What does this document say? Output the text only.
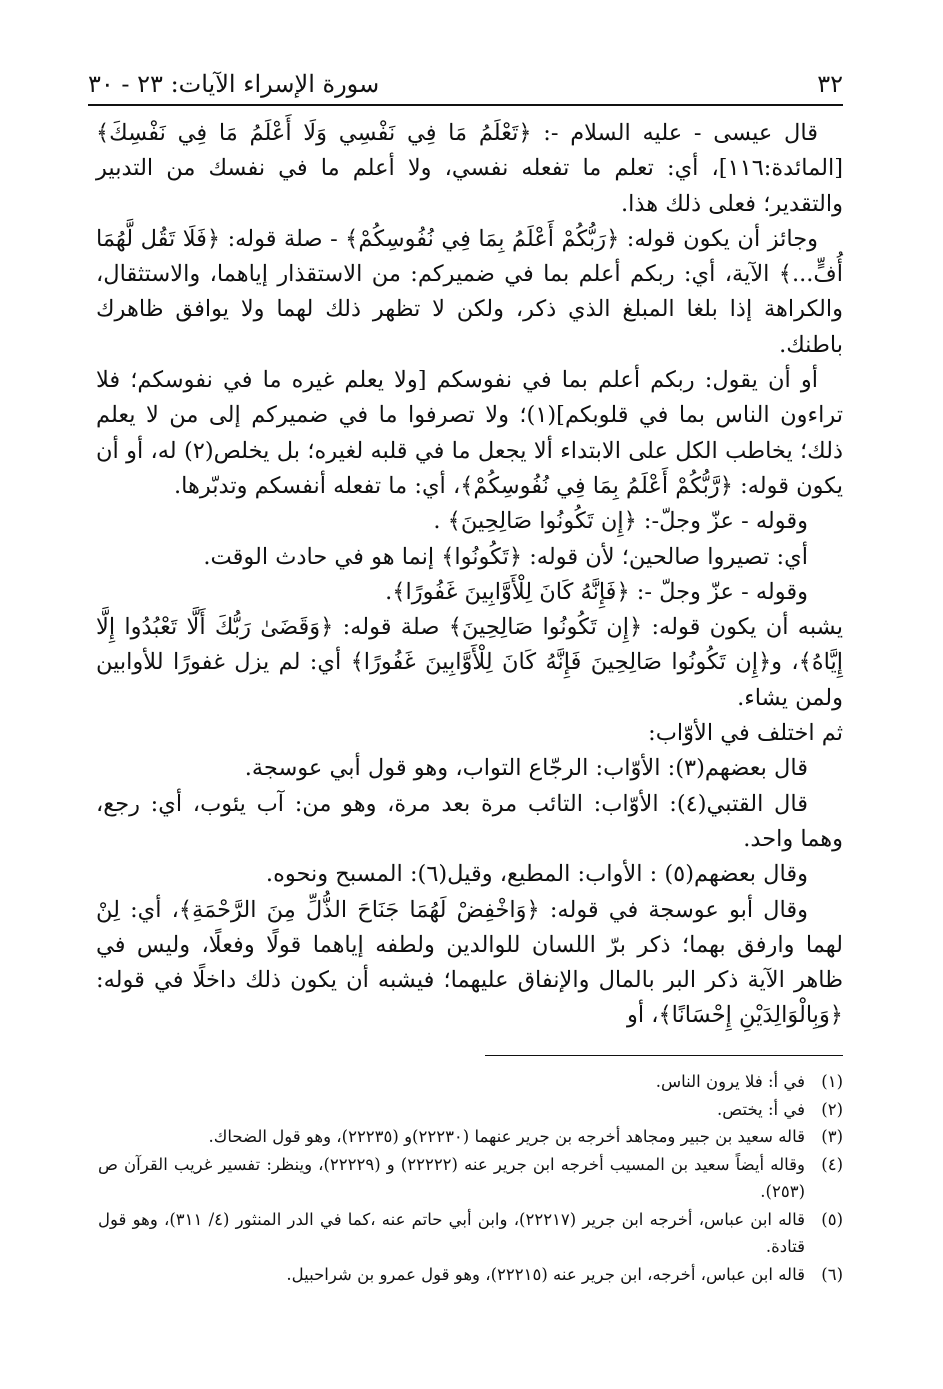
٣٢
سورة الإسراء الآيات: ٢٣ - ٣٠

قال عيسى - عليه السلام -: ﴿تَعْلَمُ مَا فِي نَفْسِي وَلَا أَعْلَمُ مَا فِي نَفْسِكَ﴾ [المائدة:١١٦]، أي: تعلم ما تفعله نفسي، ولا أعلم ما في نفسك من التدبير والتقدير؛ فعلى ذلك هذا.

وجائز أن يكون قوله: ﴿رَبُّكُمْ أَعْلَمُ بِمَا فِي نُفُوسِكُمْ﴾ - صلة قوله: ﴿فَلَا تَقُل لَّهُمَا أُفٍّ...﴾ الآية، أي: ربكم أعلم بما في ضميركم: من الاستقذار إياهما، والاستثقال، والكراهة إذا بلغا المبلغ الذي ذكر، ولكن لا تظهر ذلك لهما ولا يوافق ظاهرك باطنك.

أو أن يقول: ربكم أعلم بما في نفوسكم [ولا يعلم غيره ما في نفوسكم؛ فلا تراءون الناس بما في قلوبكم](١)؛ ولا تصرفوا ما في ضميركم إلى من لا يعلم ذلك؛ يخاطب الكل على الابتداء ألا يجعل ما في قلبه لغيره؛ بل يخلص(٢) له، أو أن يكون قوله: ﴿رَّبُّكُمْ أَعْلَمُ بِمَا فِي نُفُوسِكُمْ﴾، أي: ما تفعله أنفسكم وتدبّرها.

وقوله - عزّ وجلّ-: ﴿إِن تَكُونُوا صَالِحِينَ﴾ .

أي: تصيروا صالحين؛ لأن قوله: ﴿تَكُونُوا﴾ إنما هو في حادث الوقت.

وقوله - عزّ وجلّ -: ﴿فَإِنَّهُ كَانَ لِلْأَوَّابِينَ غَفُورًا﴾.

يشبه أن يكون قوله: ﴿إِن تَكُونُوا صَالِحِينَ﴾ صلة قوله: ﴿وَقَضَىٰ رَبُّكَ أَلَّا تَعْبُدُوا إِلَّا إِيَّاهُ﴾، و﴿إِن تَكُونُوا صَالِحِينَ فَإِنَّهُ كَانَ لِلْأَوَّابِينَ غَفُورًا﴾ أي: لم يزل غفورًا للأوابين ولمن يشاء.

ثم اختلف في الأوّاب:

قال بعضهم(٣): الأوّاب: الرجّاع التواب، وهو قول أبي عوسجة.

قال القتبي(٤): الأوّاب: التائب مرة بعد مرة، وهو من: آب يئوب، أي: رجع، وهما واحد.

وقال بعضهم(٥) : الأواب: المطيع، وقيل(٦): المسبح ونحوه.

وقال أبو عوسجة في قوله: ﴿وَاخْفِضْ لَهُمَا جَنَاحَ الذُّلِّ مِنَ الرَّحْمَةِ﴾، أي: لِنْ لهما وارفق بهما؛ ذكر برّ اللسان للوالدين ولطفه إياهما قولًا وفعلًا، وليس في ظاهر الآية ذكر البر بالمال والإنفاق عليهما؛ فيشبه أن يكون ذلك داخلًا في قوله: ﴿وَبِالْوَالِدَيْنِ إِحْسَانًا﴾، أو

(١)
في أ: فلا يرون الناس.
(٢)
في أ: يختص.
(٣)
قاله سعيد بن جبير ومجاهد أخرجه بن جرير عنهما (٢٢٢٣٠)و (٢٢٢٣٥)، وهو قول الضحاك.
(٤)
وقاله أيضاً سعيد بن المسيب أخرجه ابن جرير عنه (٢٢٢٢٢) و (٢٢٢٢٩)، وينظر: تفسير غريب القرآن ص (٢٥٣).
(٥)
قاله ابن عباس، أخرجه ابن جرير (٢٢٢١٧)، وابن أبي حاتم عنه ،كما في الدر المنثور (٤/ ٣١١)، وهو قول قتادة.
(٦)
قاله ابن عباس، أخرجه، ابن جرير عنه (٢٢٢١٥)، وهو قول عمرو بن شراحبيل.
